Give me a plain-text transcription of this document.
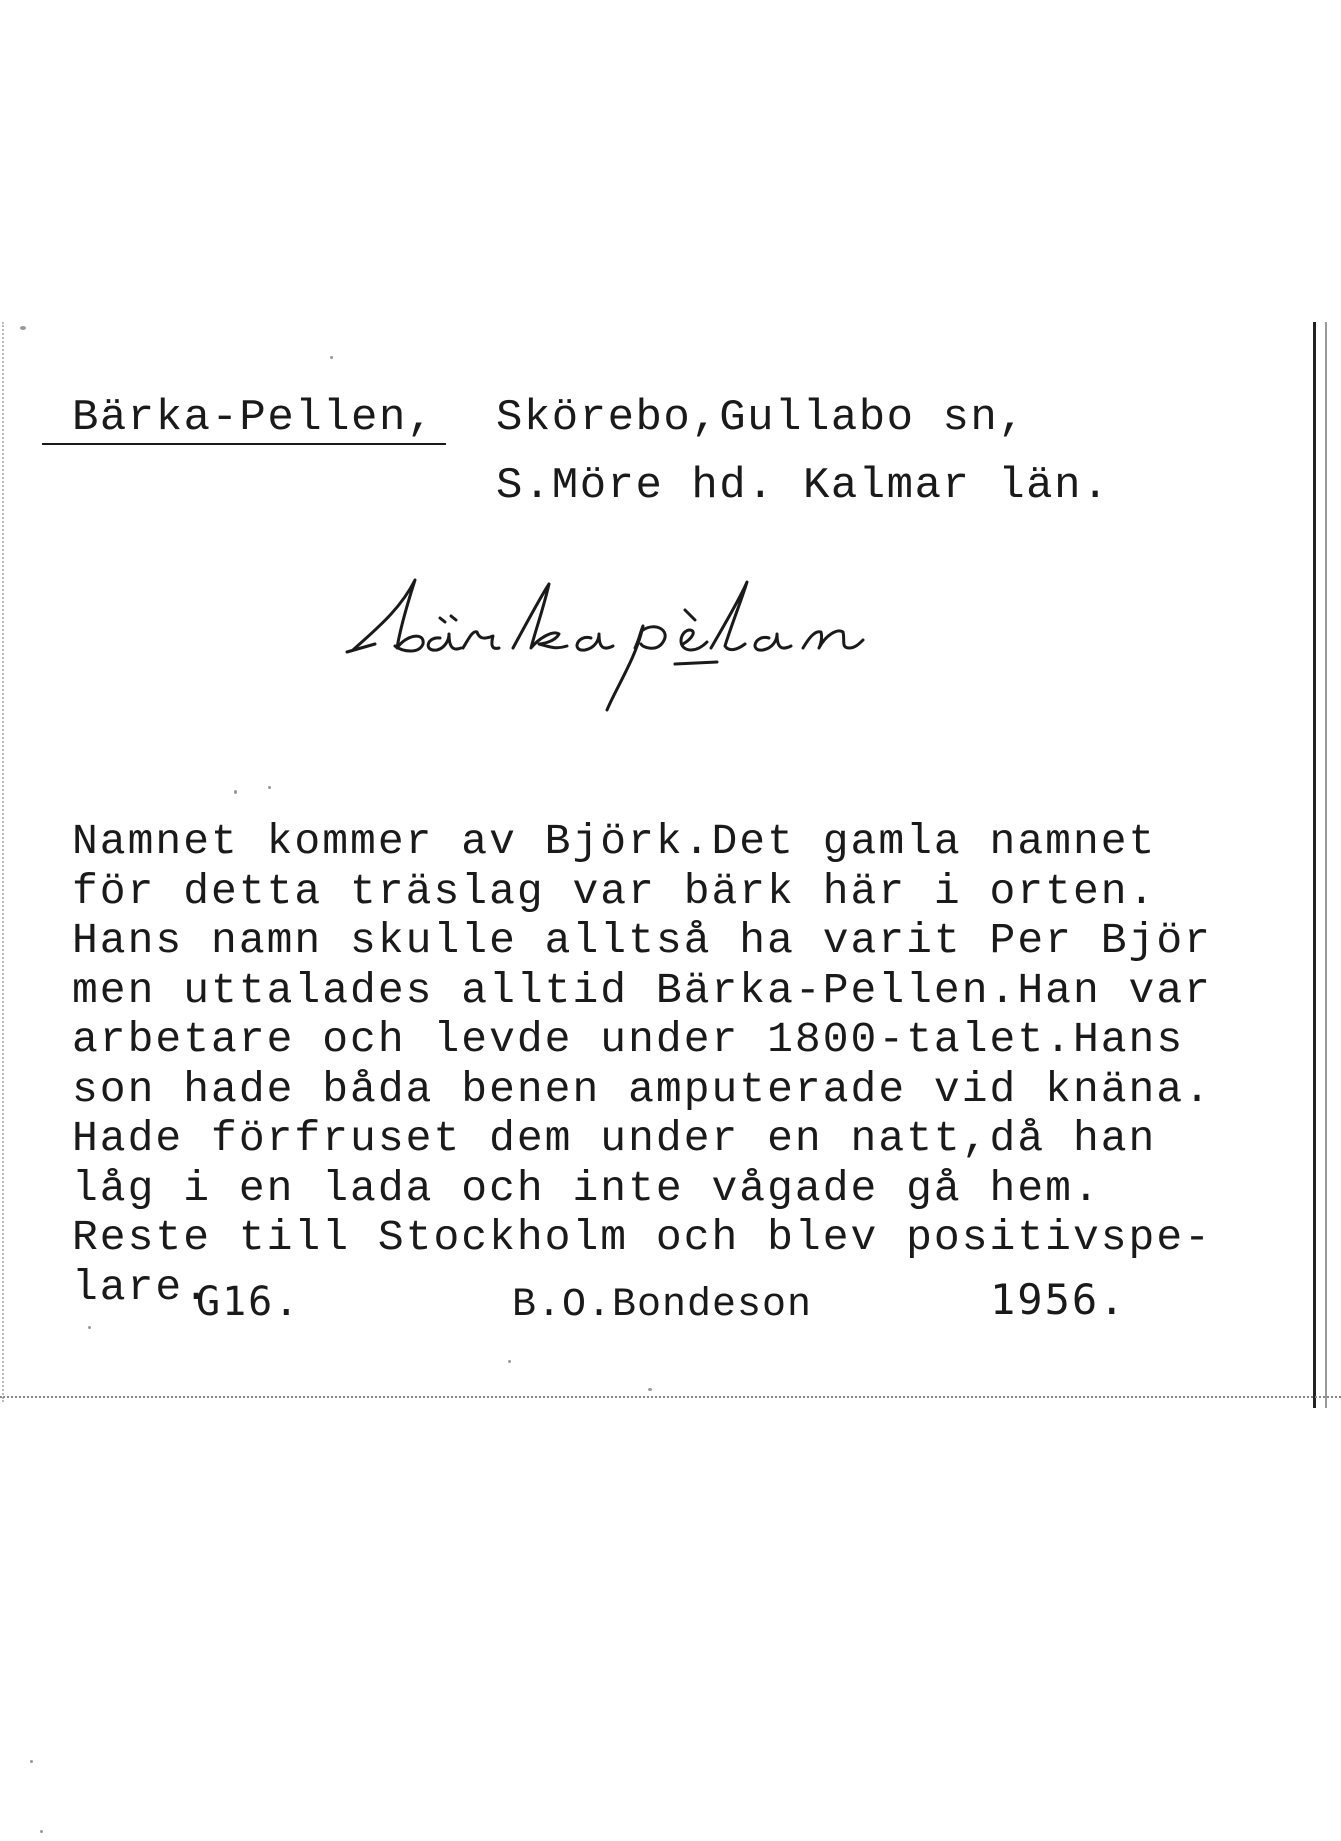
Bärka-Pellen, Skörebo,Gullabo sn,
S.Möre hd. Kalmar län.
Namnet kommer av Björk.Det gamla namnet
för detta träslag var bärk här i orten.
Hans namn skulle alltså ha varit Per Björ
men uttalades alltid Bärka-Pellen.Han var
arbetare och levde under 1800-talet.Hans
son hade båda benen amputerade vid knäna.
Hade förfruset dem under en natt,då han
låg i en lada och inte vågade gå hem.
Reste till Stockholm och blev positivspe-
lare.
G16.	B.O.Bondeson	1956.
